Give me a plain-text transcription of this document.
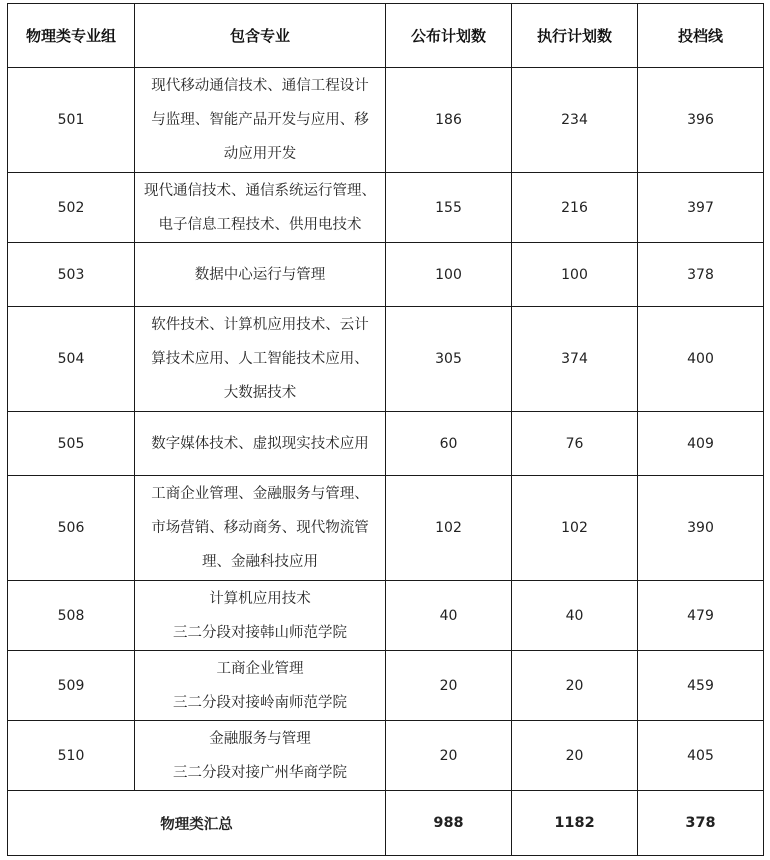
物理类专业组	包含专业	公布计划数	执行计划数	投档线
501	现代移动通信技术、通信工程设计
与监理、智能产品开发与应用、移
动应用开发	186	234	396
502	现代通信技术、通信系统运行管理、
电子信息工程技术、供用电技术	155	216	397
503	数据中心运行与管理	100	100	378
504	软件技术、计算机应用技术、云计
算技术应用、人工智能技术应用、
大数据技术	305	374	400
505	数字媒体技术、虚拟现实技术应用	60	76	409
506	工商企业管理、金融服务与管理、
市场营销、移动商务、现代物流管
理、金融科技应用	102	102	390
508	计算机应用技术
三二分段对接韩山师范学院	40	40	479
509	工商企业管理
三二分段对接岭南师范学院	20	20	459
510	金融服务与管理
三二分段对接广州华商学院	20	20	405
物理类汇总		988	1182	378
